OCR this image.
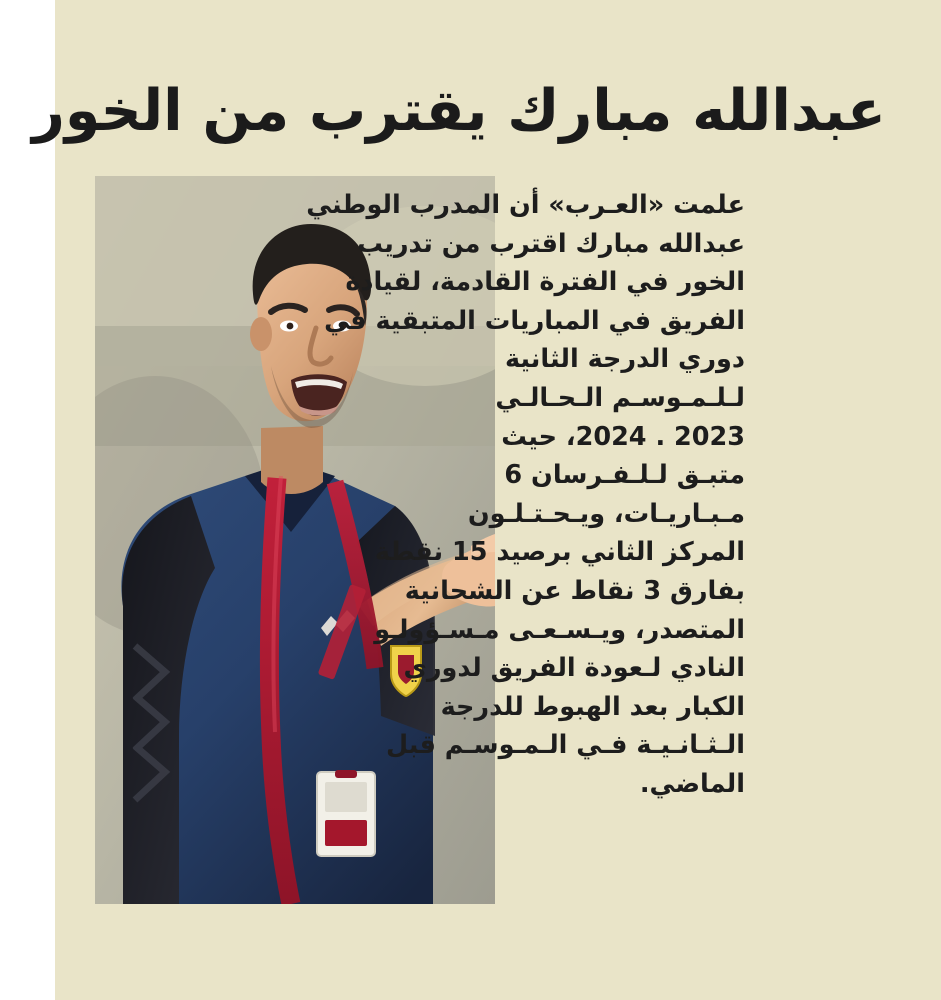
عبدالله مبارك يقترب من الخور
علمت «العـرب» أن المدرب الوطني
عبدالله مبارك اقترب من تدريب
الخور في الفترة القادمة، لقيادة
الفريق في المباريات المتبقية في
دوري الدرجة الثانية
لـلـمـوسـم الـحـالـي
2023 . 2024، حيث
متبـق لـلـفـرسان 6
مـبـاريـات، ويـحـتـلـون
المركز الثاني برصيد 15 نقطة
بفارق 3 نقاط عن الشحانية
المتصدر، ويـسـعـى مـسـؤولـو
النادي لـعودة الفريق لدوري
الكبار بعد الهبوط للدرجة
الـثـانـيـة فـي الـمـوسـم قبل
الماضي.
